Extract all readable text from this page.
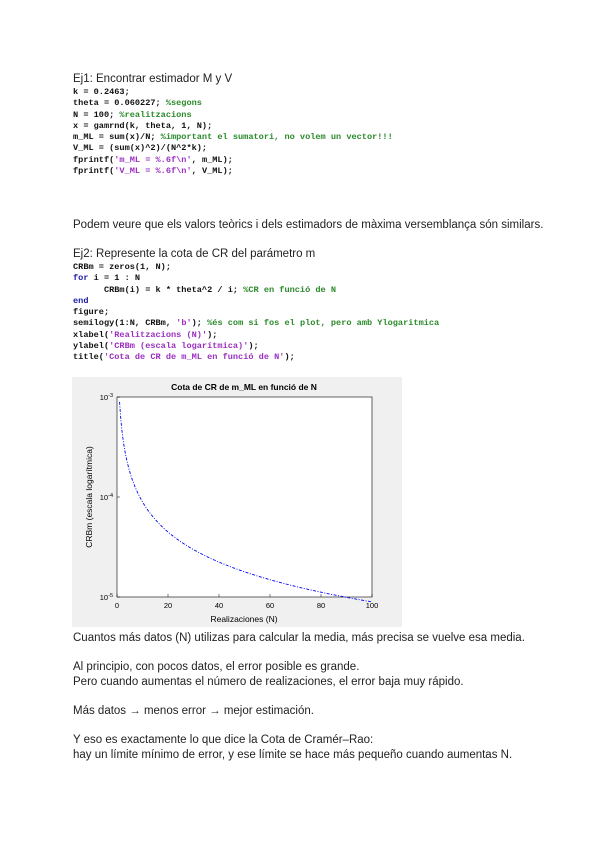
Ej1: Encontrar estimador M y V
k = 0.2463;
theta = 0.060227; %segons
N = 100; %realitzacions
x = gamrnd(k, theta, 1, N);
m_ML = sum(x)/N; %important el sumatori, no volem un vector!!!
V_ML = (sum(x)^2)/(N^2*k);
fprintf('m_ML = %.6f\n', m_ML);
fprintf('V_ML = %.6f\n', V_ML);
Podem veure que els valors teòrics i dels estimadors de màxima versemblança són similars.
Ej2: Represente la cota de CR del parámetro m
CRBm = zeros(1, N);
for i = 1 : N
CRBm(i) = k * theta^2 / i; %CR en funció de N
end
figure;
semilogy(1:N, CRBm, 'b'); %és com si fos el plot, pero amb Ylogaritmica
xlabel('Realitzacions (N)');
ylabel('CRBm (escala logarítmica)');
title('Cota de CR de m_ML en funció de N');
Cota de CR de m_ML en funció de N
Realizaciones (N)
CRBm (escala logarítmica)
0	20	40	60	80	100
$10^{-3}$
$10^{-4}$
$10^{-5}$
Cuantos más datos (N) utilizas para calcular la media, más precisa se vuelve esa media.
Al principio, con pocos datos, el error posible es grande.
Pero cuando aumentas el número de realizaciones, el error baja muy rápido.
Más datos → menos error → mejor estimación.
Y eso es exactamente lo que dice la Cota de Cramér–Rao:
hay un límite mínimo de error, y ese límite se hace más pequeño cuando aumentas N.
